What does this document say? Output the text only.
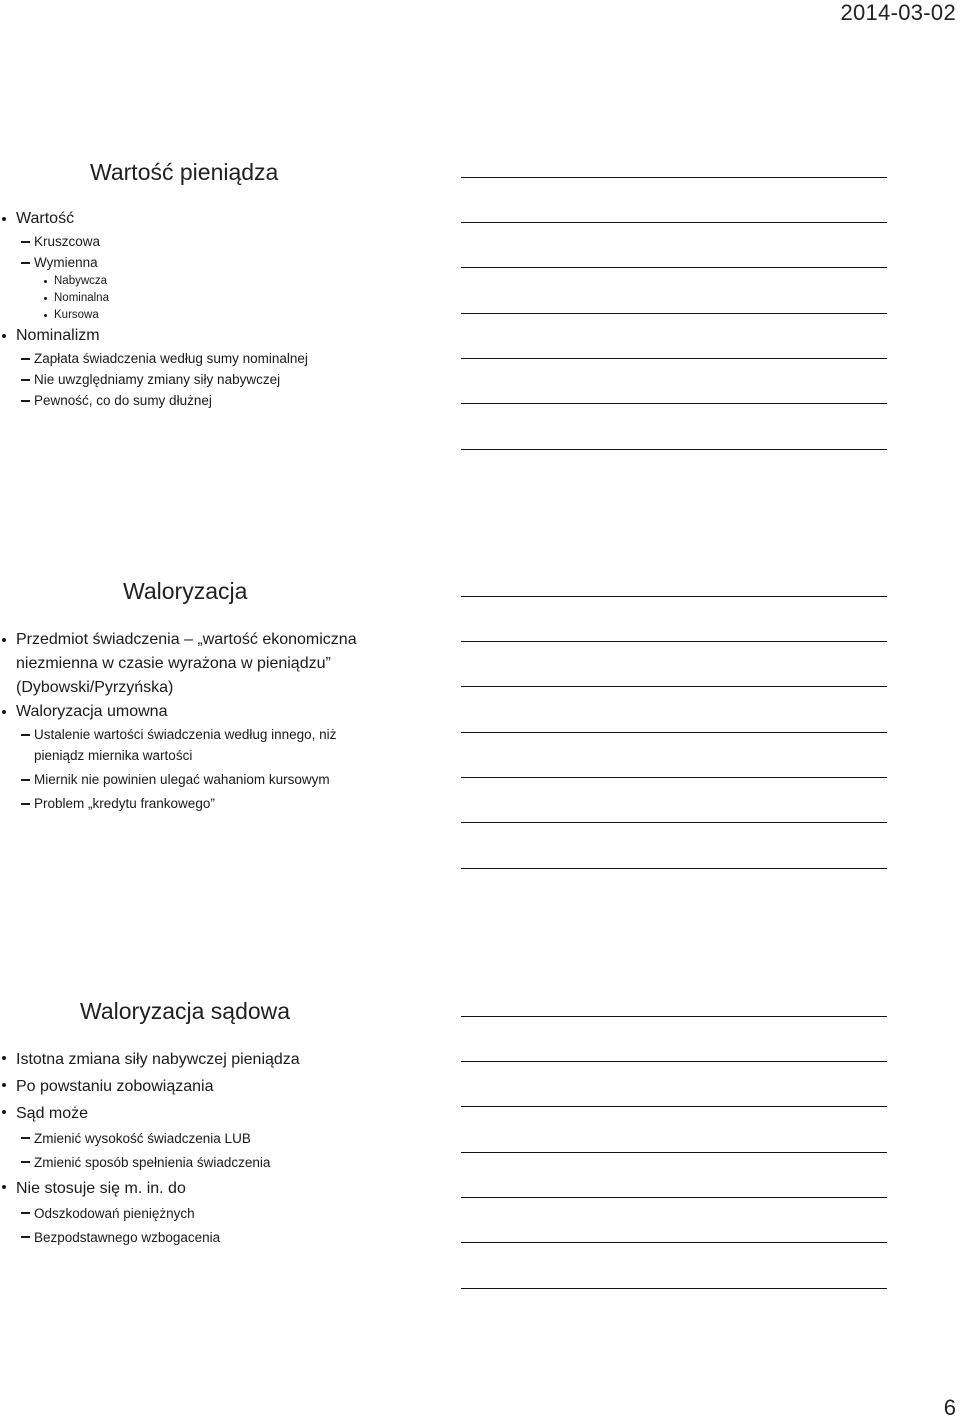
2014-03-02
Wartość pieniądza
Wartość
Kruszcowa
Wymienna
Nabywcza
Nominalna
Kursowa
Nominalizm
Zapłata świadczenia według sumy nominalnej
Nie uwzględniamy zmiany siły nabywczej
Pewność, co do sumy dłużnej
Waloryzacja
Przedmiot świadczenia – „wartość ekonomiczna niezmienna w czasie wyrażona w pieniądzu” (Dybowski/Pyrzyńska)
Waloryzacja umowna
Ustalenie wartości świadczenia według innego, niż pieniądz miernika wartości
Miernik nie powinien ulegać wahaniom kursowym
Problem „kredytu frankowego”
Waloryzacja sądowa
Istotna zmiana siły nabywczej pieniądza
Po powstaniu zobowiązania
Sąd może
Zmienić wysokość świadczenia LUB
Zmienić sposób spełnienia świadczenia
Nie stosuje się m. in. do
Odszkodowań pieniężnych
Bezpodstawnego wzbogacenia
6
